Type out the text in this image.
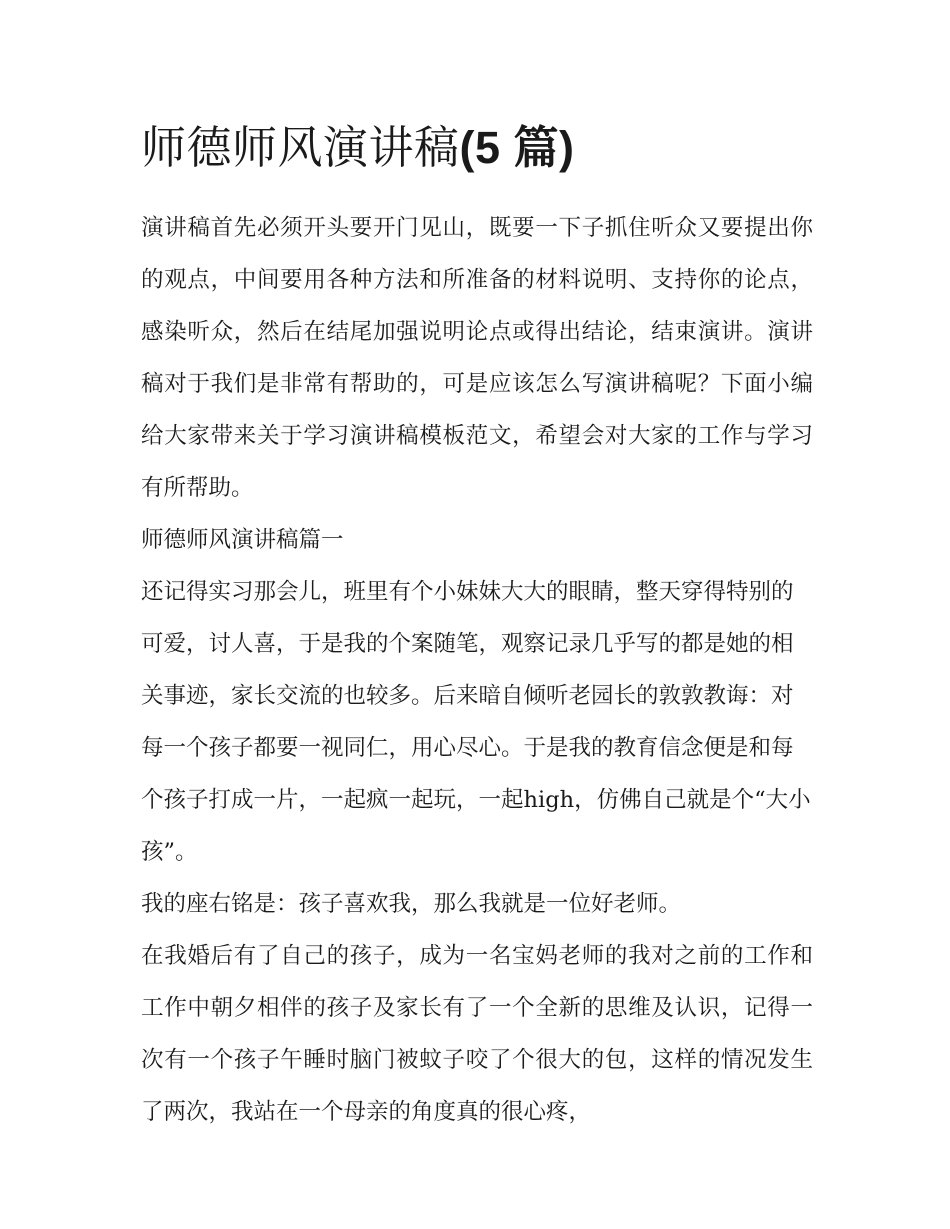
师德师风演讲稿(5 篇)

演讲稿首先必须开头要开门见山，既要一下子抓住听众又要提出你的观点，中间要用各种方法和所准备的材料说明、支持你的论点，感染听众，然后在结尾加强说明论点或得出结论，结束演讲。演讲稿对于我们是非常有帮助的，可是应该怎么写演讲稿呢？下面小编给大家带来关于学习演讲稿模板范文，希望会对大家的工作与学习有所帮助。

师德师风演讲稿篇一

还记得实习那会儿，班里有个小妹妹大大的眼睛，整天穿得特别的可爱，讨人喜，于是我的个案随笔，观察记录几乎写的都是她的相关事迹，家长交流的也较多。后来暗自倾听老园长的敦敦教诲：对每一个孩子都要一视同仁，用心尽心。于是我的教育信念便是和每个孩子打成一片，一起疯一起玩，一起high，仿佛自己就是个“大小孩”。

我的座右铭是：孩子喜欢我，那么我就是一位好老师。

在我婚后有了自己的孩子，成为一名宝妈老师的我对之前的工作和工作中朝夕相伴的孩子及家长有了一个全新的思维及认识，记得一次有一个孩子午睡时脑门被蚊子咬了个很大的包，这样的情况发生了两次，我站在一个母亲的角度真的很心疼，
